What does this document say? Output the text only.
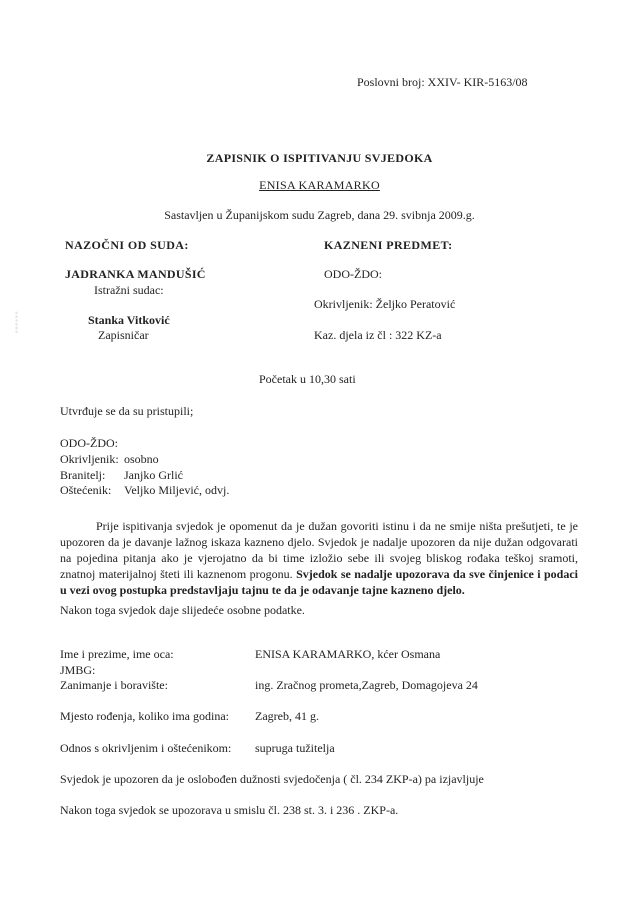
⸽
Poslovni broj: XXIV- KIR-5163/08
ZAPISNIK O ISPITIVANJU SVJEDOKA
ENISA KARAMARKO
Sastavljen u Županijskom sudu Zagreb, dana 29. svibnja 2009.g.
NAZOČNI OD SUDA:
JADRANKA MANDUŠIĆ
Istražni sudac:
Stanka Vitković
Zapisničar
KAZNENI PREDMET:
ODO-ŽDO:
Okrivljenik: Željko Peratović
Kaz. djela iz čl : 322 KZ-a
Početak u 10,30 sati
Utvrđuje se da su pristupili;
ODO-ŽDO:
Okrivljenik: osobno
Branitelj: Janjko Grlić
Oštećenik: Veljko Miljević, odvj.
Prije ispitivanja svjedok je opomenut da je dužan govoriti istinu i da ne smije ništa prešutjeti, te je upozoren da je davanje lažnog iskaza kazneno djelo. Svjedok je nadalje upozoren da nije dužan odgovarati na pojedina pitanja ako je vjerojatno da bi time izložio sebe ili svojeg bliskog rođaka teškoj sramoti, znatnoj materijalnoj šteti ili kaznenom progonu. Svjedok se nadalje upozorava da sve činjenice i podaci u vezi ovog postupka predstavljaju tajnu te da je odavanje tajne kazneno djelo.
Nakon toga svjedok daje slijedeće osobne podatke.
Ime i prezime, ime oca:	ENISA KARAMARKO, kćer Osmana
JMBG:
Zanimanje i boravište:	ing. Zračnog prometa,Zagreb, Domagojeva 24
Mjesto rođenja, koliko ima godina: Zagreb, 41 g.
Odnos s okrivljenim i oštećenikom: supruga tužitelja
Svjedok je upozoren da je oslobođen dužnosti svjedočenja ( čl. 234 ZKP-a) pa izjavljuje
Nakon toga svjedok se upozorava u smislu čl. 238 st. 3. i 236 . ZKP-a.
